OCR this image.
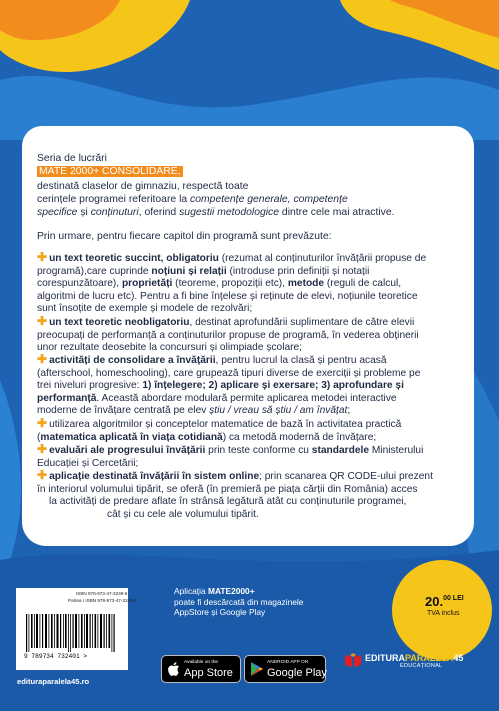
Seria de lucrări
MATE 2000+ CONSOLIDARE,
destinată claselor de gimnaziu, respectă toate
cerințele programei referitoare la competențe generale, competențe
specifice și conținuturi, oferind sugestii metodologice dintre cele mai atractive.
Prin urmare, pentru fiecare capitol din programă sunt prevăzute:
✚ un text teoretic succint, obligatoriu (rezumat al conținuturilor învățării propuse de
programă),care cuprinde noțiuni și relații (introduse prin definiții și notații
corespunzătoare), proprietăți (teoreme, propoziții etc), metode (reguli de calcul,
algoritmi de lucru etc). Pentru a fi bine înțelese și reținute de elevi, noțiunile teoretice
sunt însoțite de exemple și modele de rezolvări;
✚ un text teoretic neobligatoriu, destinat aprofundării suplimentare de către elevii
preocupați de performanță a conținuturilor propuse de programă, în vederea obținerii
unor rezultate deosebite la concursuri și olimpiade școlare;
✚ activități de consolidare a învățării, pentru lucrul la clasă și pentru acasă
(afterschool, homeschooling), care grupează tipuri diverse de exerciții și probleme pe
trei niveluri progresive: 1) înțelegere; 2) aplicare și exersare; 3) aprofundare și
performanță. Această abordare modulară permite aplicarea metodei interactive
moderne de învățare centrată pe elev știu / vreau să știu / am învățat;
✚ utilizarea algoritmilor și conceptelor matematice de bază în activitatea practică
(matematica aplicată în viața cotidiană) ca metodă modernă de învățare;
✚ evaluări ale progresului învățării prin teste conforme cu standardele Ministerului
Educației și Cercetării;
✚ aplicație destinată învățării în sistem online; prin scanarea QR CODE-ului prezent
în interiorul volumului tipărit, se oferă (în premieră pe piața cărții din România) acces

la activități de predare aflate în strânsă legătură atât cu conținuturile programei,
cât și cu cele ale volumului tipărit.
ISBN 978-973-47-3239-5
Partea I ISBN 978-973-47-3240-1
9 789734 732401 >
editurаparalela45.ro
Aplicația MATE2000+
poate fi descărcată din magazinele
AppStore și Google Play
Available on the
App Store
ANDROID APP ON
Google Play
20.$^{00 LEI}$
TVA inclus
EDITURAPARALELA45
EDUCAȚIONAL
